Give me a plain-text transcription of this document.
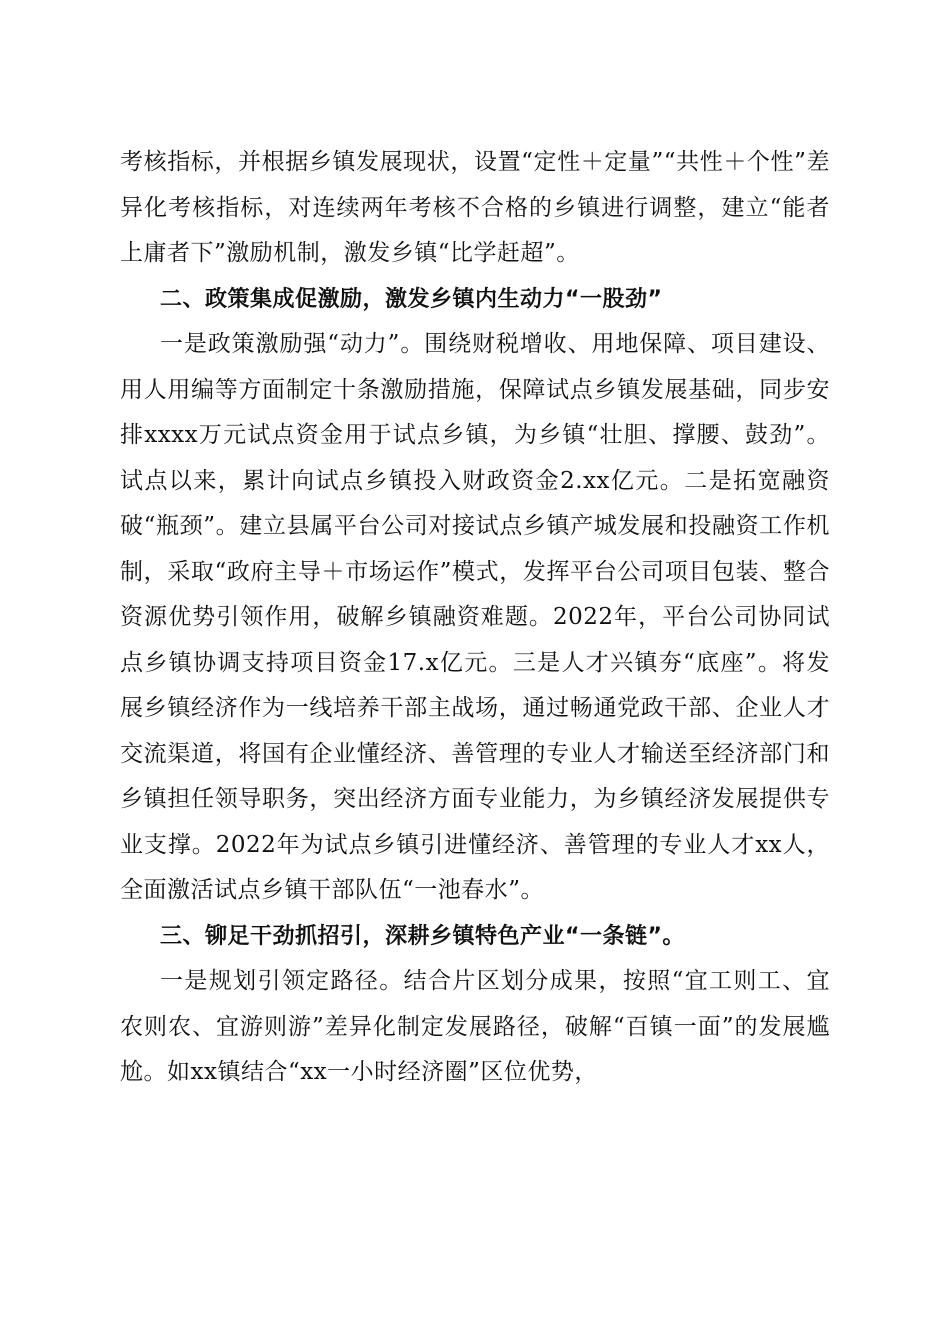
考核指标，并根据乡镇发展现状，设置“定性＋定量”“共性＋个性”差异化考核指标，对连续两年考核不合格的乡镇进行调整，建立“能者上庸者下”激励机制，激发乡镇“比学赶超”。

二、政策集成促激励，激发乡镇内生动力“一股劲”

一是政策激励强“动力”。围绕财税增收、用地保障、项目建设、用人用编等方面制定十条激励措施，保障试点乡镇发展基础，同步安排xxxx万元试点资金用于试点乡镇，为乡镇“壮胆、撑腰、鼓劲”。试点以来，累计向试点乡镇投入财政资金2.xx亿元。二是拓宽融资破“瓶颈”。建立县属平台公司对接试点乡镇产城发展和投融资工作机制，采取“政府主导＋市场运作”模式，发挥平台公司项目包装、整合资源优势引领作用，破解乡镇融资难题。2022年，平台公司协同试点乡镇协调支持项目资金17.x亿元。三是人才兴镇夯“底座”。将发展乡镇经济作为一线培养干部主战场，通过畅通党政干部、企业人才交流渠道，将国有企业懂经济、善管理的专业人才输送至经济部门和乡镇担任领导职务，突出经济方面专业能力，为乡镇经济发展提供专业支撑。2022年为试点乡镇引进懂经济、善管理的专业人才xx人，全面激活试点乡镇干部队伍“一池春水”。

三、铆足干劲抓招引，深耕乡镇特色产业“一条链”。

一是规划引领定路径。结合片区划分成果，按照“宜工则工、宜农则农、宜游则游”差异化制定发展路径，破解“百镇一面”的发展尴尬。如xx镇结合“xx一小时经济圈”区位优势，
